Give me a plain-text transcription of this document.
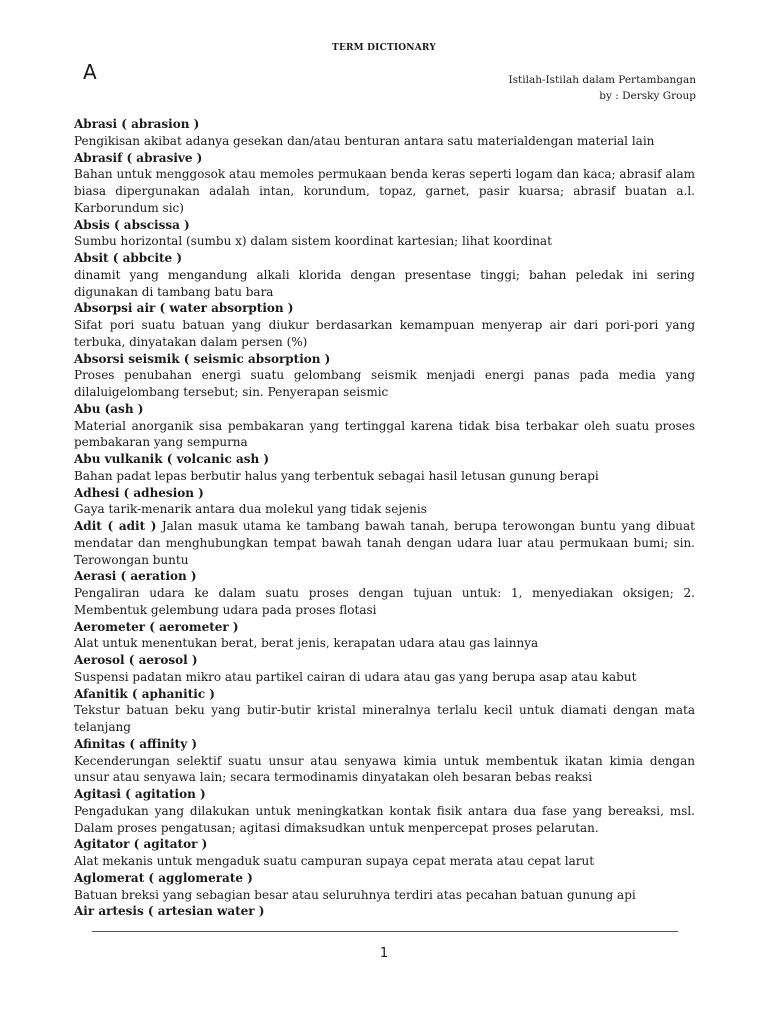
TERM DICTIONARY
A	Istilah-Istilah dalam Pertambangan
by : Dersky Group
Abrasi ( abrasion )
Pengikisan akibat adanya gesekan dan/atau benturan antara satu materialdengan material lain
Abrasif ( abrasive )
Bahan untuk menggosok atau memoles permukaan benda keras seperti logam dan kaca; abrasif alam biasa dipergunakan adalah intan, korundum, topaz, garnet, pasir kuarsa; abrasif buatan a.l. Karborundum sic)
Absis ( abscissa )
Sumbu horizontal (sumbu x) dalam sistem koordinat kartesian; lihat koordinat
Absit ( abbcite )
dinamit yang mengandung alkali klorida dengan presentase tinggi; bahan peledak ini sering digunakan di tambang batu bara
Absorpsi air ( water absorption )
Sifat pori suatu batuan yang diukur berdasarkan kemampuan menyerap air dari pori-pori yang terbuka, dinyatakan dalam persen (%)
Absorsi seismik ( seismic absorption )
Proses penubahan energi suatu gelombang seismik menjadi energi panas pada media yang dilaluigelombang tersebut; sin. Penyerapan seismic
Abu (ash )
Material anorganik sisa pembakaran yang tertinggal karena tidak bisa terbakar oleh suatu proses pembakaran yang sempurna
Abu vulkanik ( volcanic ash )
Bahan padat lepas berbutir halus yang terbentuk sebagai hasil letusan gunung berapi
Adhesi ( adhesion )
Gaya tarik-menarik antara dua molekul yang tidak sejenis
Adit ( adit ) Jalan masuk utama ke tambang bawah tanah, berupa terowongan buntu yang dibuat mendatar dan menghubungkan tempat bawah tanah dengan udara luar atau permukaan bumi; sin. Terowongan buntu
Aerasi ( aeration )
Pengaliran udara ke dalam suatu proses dengan tujuan untuk: 1, menyediakan oksigen; 2. Membentuk gelembung udara pada proses flotasi
Aerometer ( aerometer )
Alat untuk menentukan berat, berat jenis, kerapatan udara atau gas lainnya
Aerosol ( aerosol )
Suspensi padatan mikro atau partikel cairan di udara atau gas yang berupa asap atau kabut
Afanitik ( aphanitic )
Tekstur batuan beku yang butir-butir kristal mineralnya terlalu kecil untuk diamati dengan mata telanjang
Afinitas ( affinity )
Kecenderungan selektif suatu unsur atau senyawa kimia untuk membentuk ikatan kimia dengan unsur atau senyawa lain; secara termodinamis dinyatakan oleh besaran bebas reaksi
Agitasi ( agitation )
Pengadukan yang dilakukan untuk meningkatkan kontak fisik antara dua fase yang bereaksi, msl. Dalam proses pengatusan; agitasi dimaksudkan untuk menpercepat proses pelarutan.
Agitator ( agitator )
Alat mekanis untuk mengaduk suatu campuran supaya cepat merata atau cepat larut
Aglomerat ( agglomerate )
Batuan breksi yang sebagian besar atau seluruhnya terdiri atas pecahan batuan gunung api
Air artesis ( artesian water )
1
